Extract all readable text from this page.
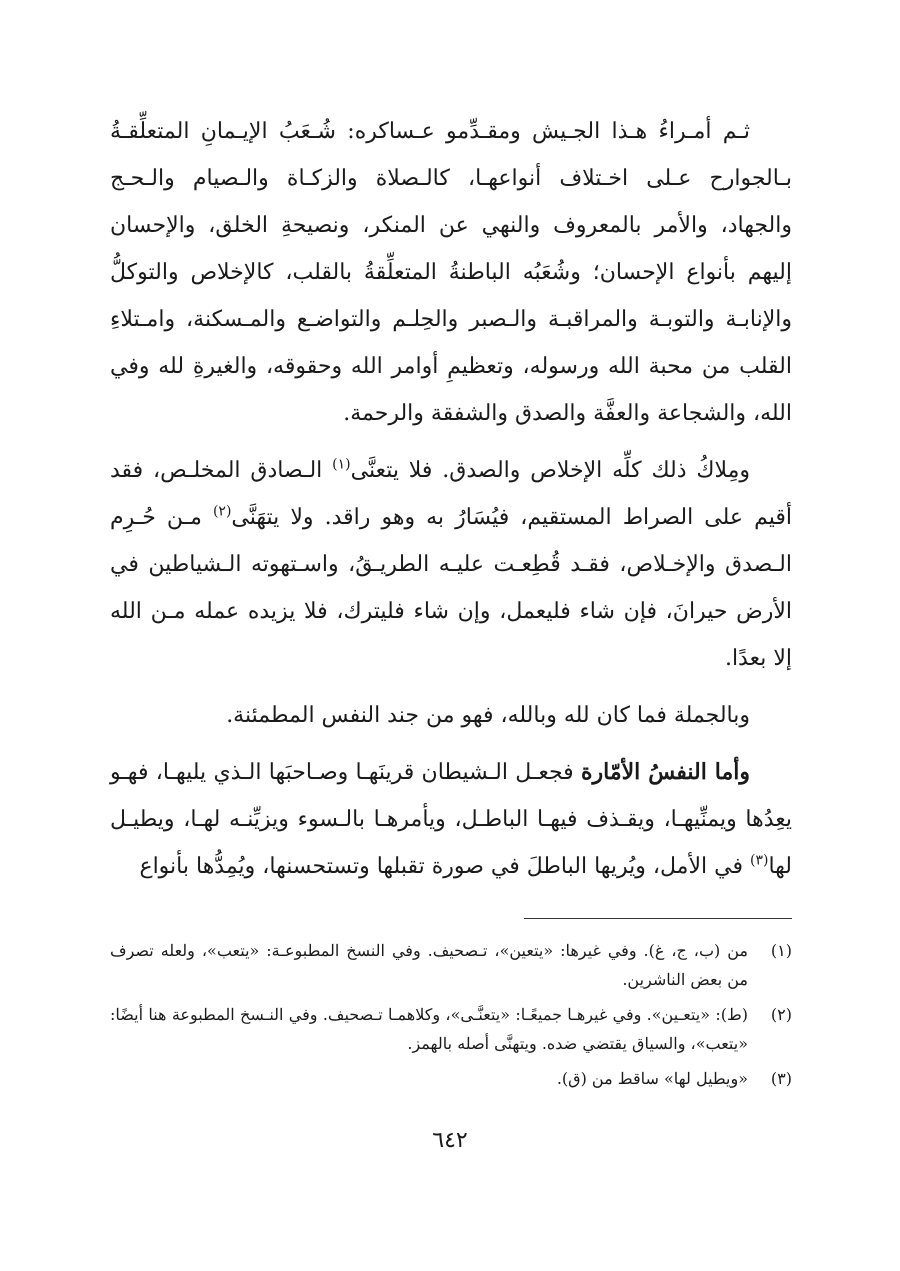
ثـم أمـراءُ هـذا الجـيش ومقـدِّمو عـساكره: شُـعَبُ الإيـمانِ المتعلِّقـةُ بـالجوارح عـلى اخـتلاف أنواعهـا، كالـصلاة والزكـاة والـصيام والـحـج والجهاد، والأمر بالمعروف والنهي عن المنكر، ونصيحةِ الخلق، والإحسان إليهم بأنواع الإحسان؛ وشُعَبُه الباطنةُ المتعلِّقةُ بالقلب، كالإخلاص والتوكلُّ والإنابـة والتوبـة والمراقبـة والـصبر والحِلـم والتواضـع والمـسكنة، وامـتلاءِ القلب من محبة الله ورسوله، وتعظيمِ أوامر الله وحقوقه، والغيرةِ لله وفي الله، والشجاعة والعفَّة والصدق والشفقة والرحمة.

ومِلاكُ ذلك كلِّه الإخلاص والصدق. فلا يتعنَّى$^{(١)}$ الـصادق المخلـص، فقد أقيم على الصراط المستقيم، فيُسَارُ به وهو راقد. ولا يتهَنَّى$^{(٢)}$ مـن حُـرِم الـصدق والإخـلاص، فقـد قُطِعـت عليـه الطريـقُ، واسـتهوته الـشياطين في الأرض حيرانَ، فإن شاء فليعمل، وإن شاء فليترك، فلا يزيده عمله مـن الله إلا بعدًا.

وبالجملة فما كان لله وبالله، فهو من جند النفس المطمئنة.

وأما النفسُ الأمّارة فجعـل الـشيطان قرينَهـا وصـاحبَها الـذي يليهـا، فهـو يعِدُها ويمنِّيهـا، ويقـذف فيهـا الباطـل، ويأمرهـا بالـسوء ويزيِّنـه لهـا، ويطيـل لها$^{(٣)}$ في الأمل، ويُريها الباطلَ في صورة تقبلها وتستحسنها، ويُمِدُّها بأنواع

(١)
من (ب، ج، غ). وفي غيرها: «يتعين»، تـصحيف. وفي النسخ المطبوعـة: «يتعب»، ولعله تصرف من بعض الناشرين.
(٢)
(ط): «يتعـين». وفي غيرهـا جميعًـا: «يتعنَّـى»، وكلاهمـا تـصحيف. وفي النـسخ المطبوعة هنا أيضًا: «يتعب»، والسياق يقتضي ضده. ويتهنَّى أصله بالهمز.
(٣)
«ويطيل لها» ساقط من (ق).
٦٤٢
